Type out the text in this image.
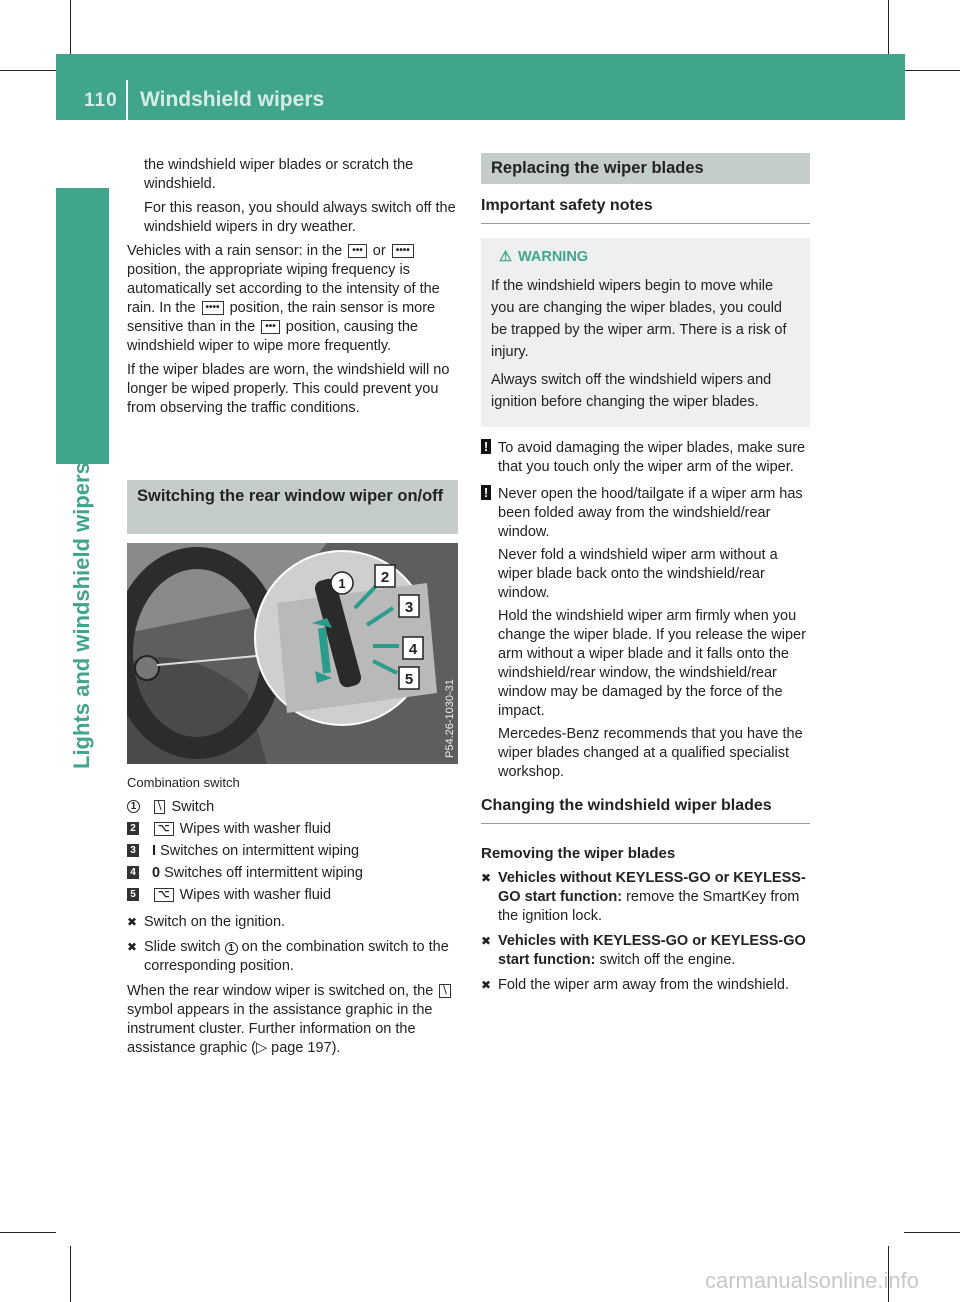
110 Windshield wipers
Lights and windshield wipers

the windshield wiper blades or scratch the windshield.

For this reason, you should always switch off the windshield wipers in dry weather.

Vehicles with a rain sensor: in the ••• or •••• position, the appropriate wiping frequency is automatically set according to the intensity of the rain. In the •••• position, the rain sensor is more sensitive than in the ••• position, causing the windshield wiper to wipe more frequently.

If the wiper blades are worn, the windshield will no longer be wiped properly. This could prevent you from observing the traffic conditions.

Switching the rear window wiper on/off
1 2
3
4
5	P54.26-1030-31
Combination switch
1	⧹ Switch
2	⌥ Wipes with washer fluid
3 I Switches on intermittent wiping
4 0 Switches off intermittent wiping
5	⌥ Wipes with washer fluid
✖ Switch on the ignition.
✖ Slide switch 1 on the combination switch to the corresponding position.

When the rear window wiper is switched on, the ⧹ symbol appears in the assistance graphic in the instrument cluster. Further information on the assistance graphic (▷ page 197).

Replacing the wiper blades
Important safety notes
⚠ WARNING

If the windshield wipers begin to move while you are changing the wiper blades, you could be trapped by the wiper arm. There is a risk of injury.

Always switch off the windshield wipers and ignition before changing the wiper blades.

! To avoid damaging the wiper blades, make sure that you touch only the wiper arm of the wiper.
! Never open the hood/tailgate if a wiper arm has been folded away from the windshield/rear window.
Never fold a windshield wiper arm without a wiper blade back onto the windshield/rear window.
Hold the windshield wiper arm firmly when you change the wiper blade. If you release the wiper arm without a wiper blade and it falls onto the windshield/rear window, the windshield/rear window may be damaged by the force of the impact.
Mercedes-Benz recommends that you have the wiper blades changed at a qualified specialist workshop.
Changing the windshield wiper blades
Removing the wiper blades
✖ Vehicles without KEYLESS-GO or KEYLESS-GO start function: remove the SmartKey from the ignition lock.
✖ Vehicles with KEYLESS-GO or KEYLESS-GO start function: switch off the engine.
✖ Fold the wiper arm away from the windshield.
carmanualsonline.info
